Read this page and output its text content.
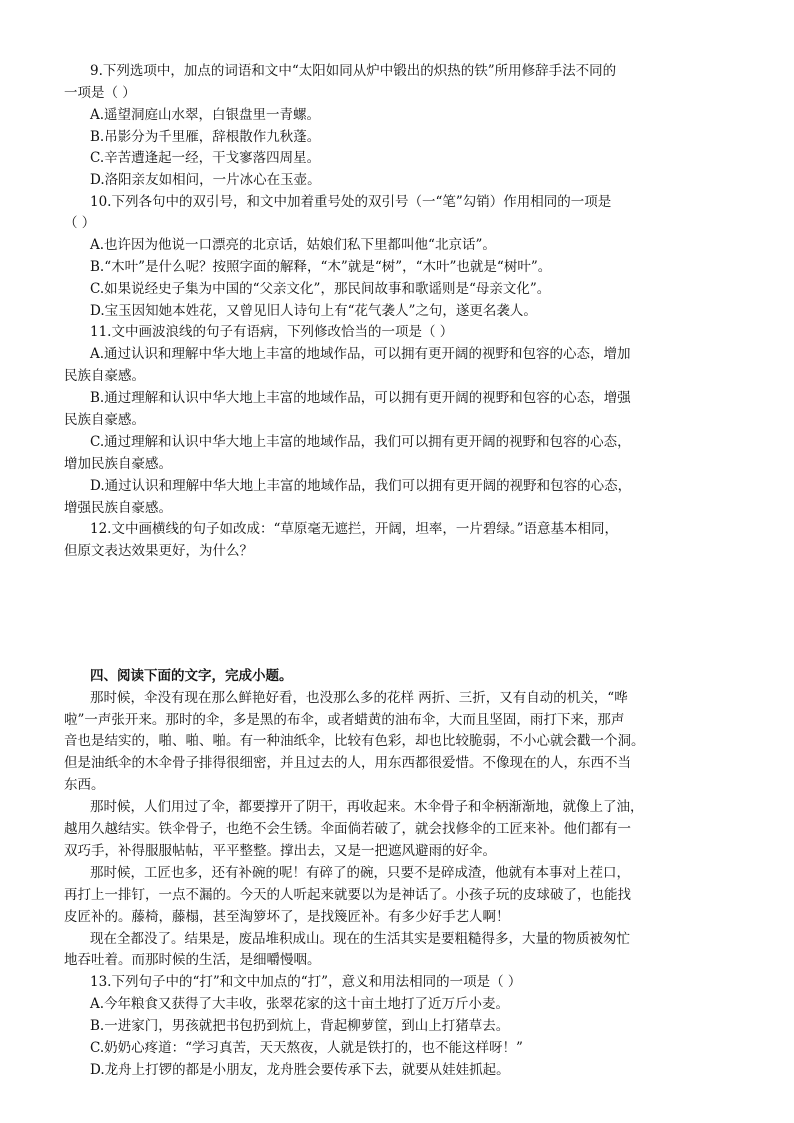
9.下列选项中，加点的词语和文中“太阳如同从炉中锻出的炽热的铁”所用修辞手法不同的
一项是（ ）
A.遥望洞庭山水翠，白银盘里一青螺。
B.吊影分为千里雁，辞根散作九秋蓬。
C.辛苦遭逢起一经，干戈寥落四周星。
D.洛阳亲友如相问，一片冰心在玉壶。
10.下列各句中的双引号，和文中加着重号处的双引号（一“笔”勾销）作用相同的一项是
（ ）
A.也许因为他说一口漂亮的北京话，姑娘们私下里都叫他“北京话”。
B.“木叶”是什么呢？按照字面的解释，“木”就是“树”，“木叶”也就是“树叶”。
C.如果说经史子集为中国的“父亲文化”，那民间故事和歌谣则是“母亲文化”。
D.宝玉因知她本姓花，又曾见旧人诗句上有“花气袭人”之句，遂更名袭人。
11.文中画波浪线的句子有语病，下列修改恰当的一项是（ ）
A.通过认识和理解中华大地上丰富的地域作品，可以拥有更开阔的视野和包容的心态，增加
民族自豪感。
B.通过理解和认识中华大地上丰富的地域作品，可以拥有更开阔的视野和包容的心态，增强
民族自豪感。
C.通过理解和认识中华大地上丰富的地域作品，我们可以拥有更开阔的视野和包容的心态，
增加民族自豪感。
D.通过认识和理解中华大地上丰富的地域作品，我们可以拥有更开阔的视野和包容的心态，
增强民族自豪感。
12.文中画横线的句子如改成：“草原毫无遮拦，开阔，坦率，一片碧绿。”语意基本相同，
但原文表达效果更好，为什么？
四、阅读下面的文字，完成小题。
那时候，伞没有现在那么鲜艳好看，也没那么多的花样 两折、三折，又有自动的机关，“哗
啦”一声张开来。那时的伞，多是黑的布伞，或者蜡黄的油布伞，大而且坚固，雨打下来，那声
音也是结实的，啪、啪、啪。有一种油纸伞，比较有色彩，却也比较脆弱，不小心就会戳一个洞。
但是油纸伞的木伞骨子排得很细密，并且过去的人，用东西都很爱惜。不像现在的人，东西不当
东西。
那时候，人们用过了伞，都要撑开了阴干，再收起来。木伞骨子和伞柄渐渐地，就像上了油，
越用久越结实。铁伞骨子，也绝不会生锈。伞面倘若破了，就会找修伞的工匠来补。他们都有一
双巧手，补得服服帖帖，平平整整。撑出去，又是一把遮风避雨的好伞。
那时候，工匠也多，还有补碗的呢！有碎了的碗，只要不是碎成渣，他就有本事对上茬口，
再打上一排钉，一点不漏的。今天的人听起来就要以为是神话了。小孩子玩的皮球破了，也能找
皮匠补的。藤椅，藤榻，甚至淘箩坏了，是找篾匠补。有多少好手艺人啊！
现在全都没了。结果是，废品堆积成山。现在的生活其实是要粗糙得多，大量的物质被匆忙
地吞吐着。而那时候的生活，是细嚼慢咽。
13.下列句子中的“打”和文中加点的“打”，意义和用法相同的一项是（ ）
A.今年粮食又获得了大丰收，张翠花家的这十亩土地打了近万斤小麦。
B.一进家门，男孩就把书包扔到炕上，背起柳萝筐，到山上打猪草去。
C.奶奶心疼道：“学习真苦，天天熬夜，人就是铁打的，也不能这样呀！”
D.龙舟上打锣的都是小朋友，龙舟胜会要传承下去，就要从娃娃抓起。
